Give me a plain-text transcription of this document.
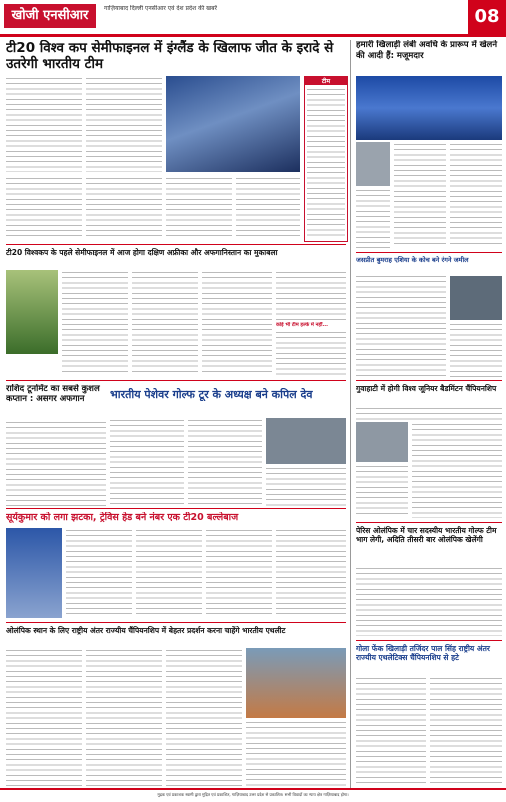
खोजी एनसीआर	गाज़ियाबाद दिल्ली एनसीआर एवं देश प्रदेश की खबरें	08
टी20 विश्व कप सेमीफाइनल में इंग्लैंड के खिलाफ जीत के इरादे से उतरेगी भारतीय टीम
टीम
हमारी खिलाड़ी लंबी अवधि के प्रारूप में खेलने की आदी हैं: मजूमदार
टी20 विश्वकप के पहले सेमीफाइनल में आज होगा दक्षिण अफ्रीका और अफगानिस्तान का मुकाबला
कोई भी टीम हल्के में नहीं...
जसप्रीत बुमराह एशिया के कोच बने रंगने जमील
राशिद टूर्नामेंट का सबसे कुशल कप्तान : असगर अफगान	भारतीय पेशेवर गोल्फ टूर के अध्यक्ष बने कपिल देव	गुवाहाटी में होगी विश्व जूनियर बैडमिंटन चैंपियनशिप
सूर्यकुमार को लगा झटका, ट्रेविस हेड बने नंबर एक टी20 बल्लेबाज
पेरिस ओलंपिक में चार सदस्यीय भारतीय गोल्फ टीम भाग लेगी, अदिति तीसरी बार ओलंपिक खेलेंगी
ओलंपिक स्थान के लिए राष्ट्रीय अंतर राज्यीय चैंपियनशिप में बेहतर प्रदर्शन करना चाहेंगे भारतीय एथलीट
गोला फेंक खिलाड़ी तजिंदर पाल सिंह राष्ट्रीय अंतर राज्यीय एथलेटिक्स चैंपियनशिप से हटे
मुद्रक एवं प्रकाशक स्वामी द्वारा मुद्रित एवं प्रकाशित, गाज़ियाबाद उत्तर प्रदेश से प्रकाशित। सभी विवादों का न्याय क्षेत्र गाज़ियाबाद होगा।
